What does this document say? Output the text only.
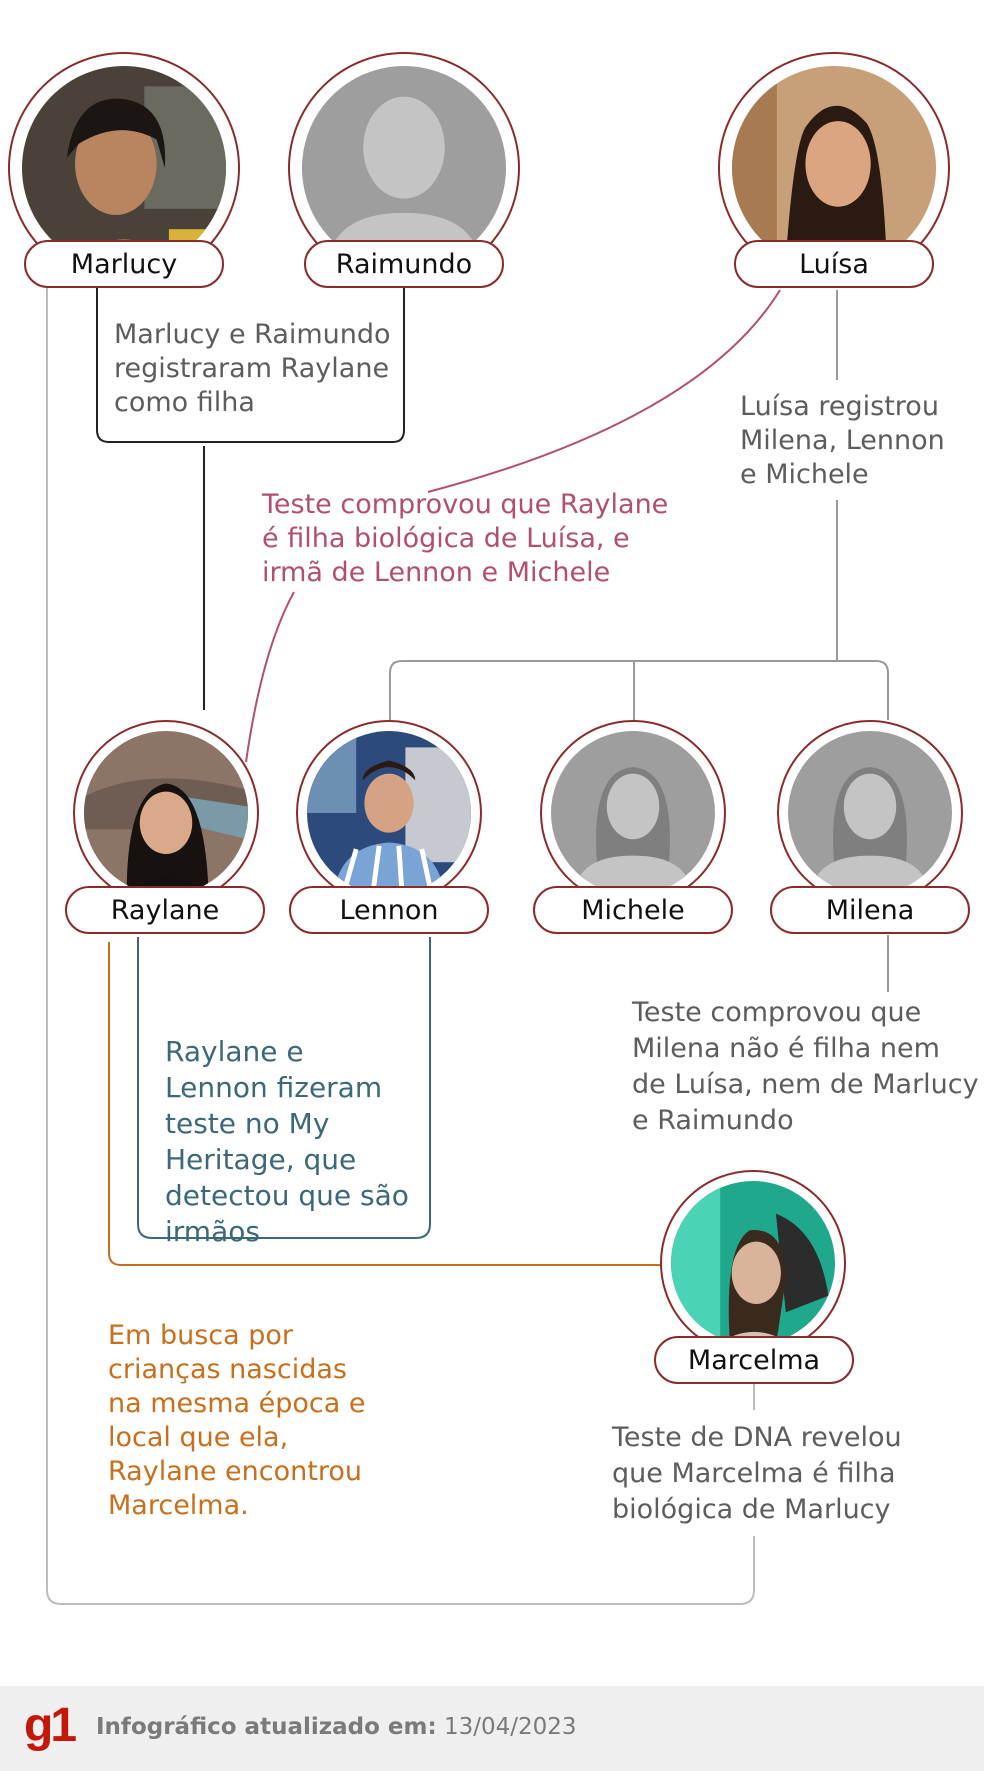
Marlucy	Raimundo	Luísa
Raylane	Lennon	Michele	Milena
Marcelma

Marlucy e Raimundo registraram Raylane como filha	Luísa registrou Milena, Lennon e Michele

Teste comprovou que Raylane é filha biológica de Luísa, e irmã de Lennon e Michele

Teste comprovou que Milena não é filha nem de Luísa, nem de Marlucy e Raimundo

Raylane e Lennon fizeram teste no My Heritage, que detectou que são irmãos

Em busca por crianças nascidas na mesma época e local que ela, Raylane encontrou Marcelma.

Teste de DNA revelou que Marcelma é filha biológica de Marlucy

g1 Infográfico atualizado em: 13/04/2023
